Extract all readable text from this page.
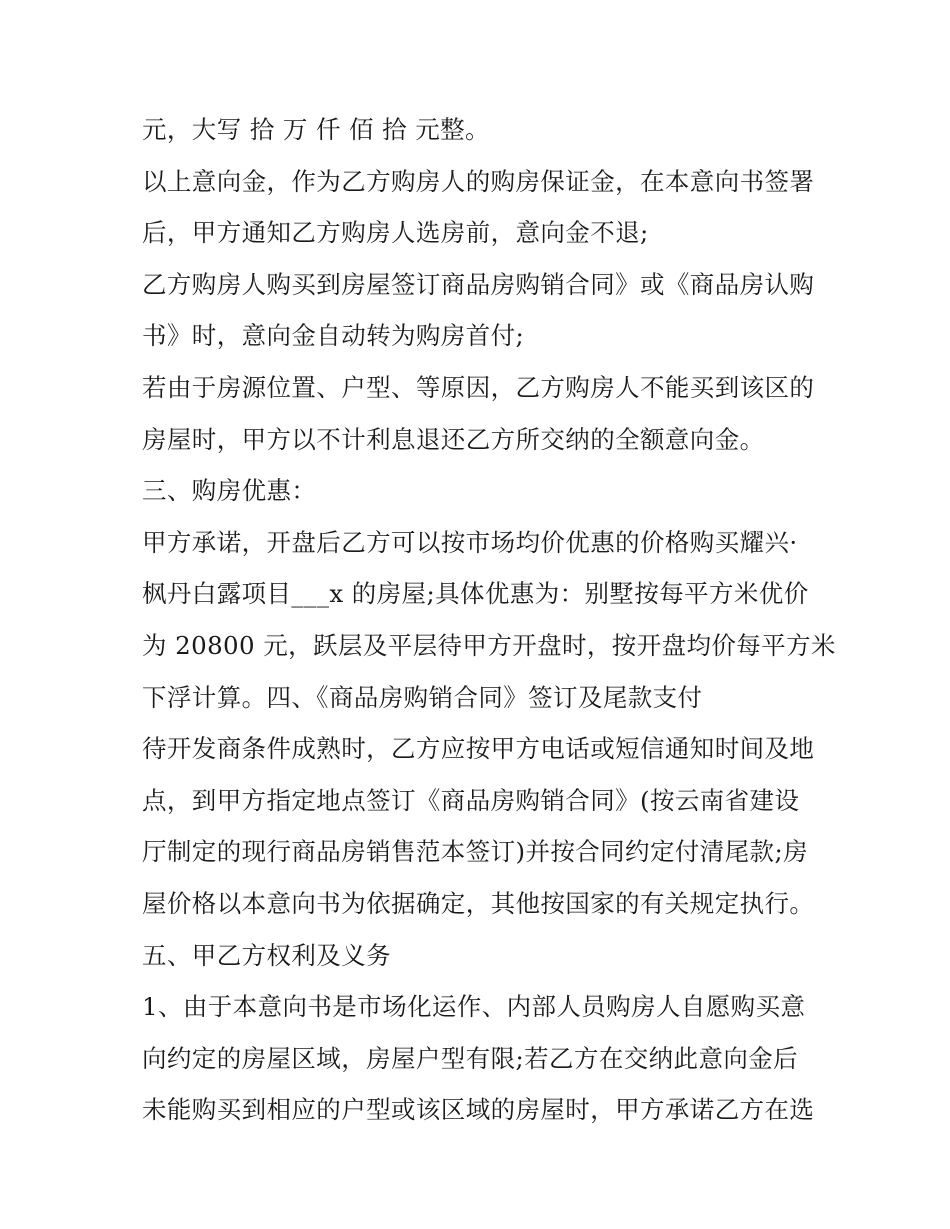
元，大写 拾 万 仟 佰 拾 元整。
以上意向金，作为乙方购房人的购房保证金，在本意向书签署
后，甲方通知乙方购房人选房前，意向金不退;
乙方购房人购买到房屋签订商品房购销合同》或《商品房认购
书》时，意向金自动转为购房首付;
若由于房源位置、户型、等原因，乙方购房人不能买到该区的
房屋时，甲方以不计利息退还乙方所交纳的全额意向金。
三、购房优惠：
甲方承诺，开盘后乙方可以按市场均价优惠的价格购买耀兴·
枫丹白露项目___x 的房屋;具体优惠为：别墅按每平方米优价
为 20800 元，跃层及平层待甲方开盘时，按开盘均价每平方米
下浮计算。四、《商品房购销合同》签订及尾款支付
待开发商条件成熟时，乙方应按甲方电话或短信通知时间及地
点，到甲方指定地点签订《商品房购销合同》(按云南省建设
厅制定的现行商品房销售范本签订)并按合同约定付清尾款;房
屋价格以本意向书为依据确定，其他按国家的有关规定执行。
五、甲乙方权利及义务
1、由于本意向书是市场化运作、内部人员购房人自愿购买意
向约定的房屋区域，房屋户型有限;若乙方在交纳此意向金后
未能购买到相应的户型或该区域的房屋时，甲方承诺乙方在选
